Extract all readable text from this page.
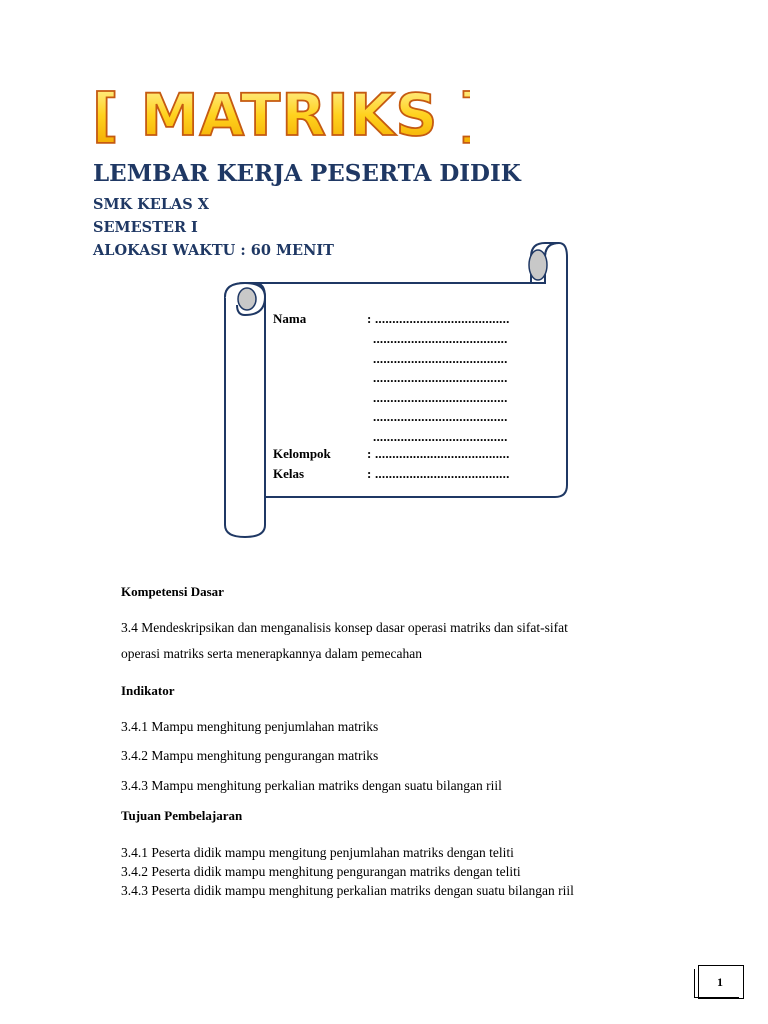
[ MATRIKS ]
LEMBAR KERJA PESERTA DIDIK
SMK KELAS X
SEMESTER I
ALOKASI WAKTU : 60 MENIT
Nama	: .......................................
.......................................
.......................................
.......................................
.......................................
.......................................
.......................................
Kelompok	: .......................................
Kelas	: .......................................
Kompetensi Dasar

3.4 Mendeskripsikan dan menganalisis konsep dasar operasi matriks dan sifat-sifat

operasi matriks serta menerapkannya dalam pemecahan

Indikator

3.4.1 Mampu menghitung penjumlahan matriks

3.4.2 Mampu menghitung pengurangan matriks

3.4.3 Mampu menghitung perkalian matriks dengan suatu bilangan riil

Tujuan Pembelajaran

3.4.1 Peserta didik mampu mengitung penjumlahan matriks dengan teliti

3.4.2 Peserta didik mampu menghitung pengurangan matriks dengan teliti

3.4.3 Peserta didik mampu menghitung perkalian matriks dengan suatu bilangan riil

1
